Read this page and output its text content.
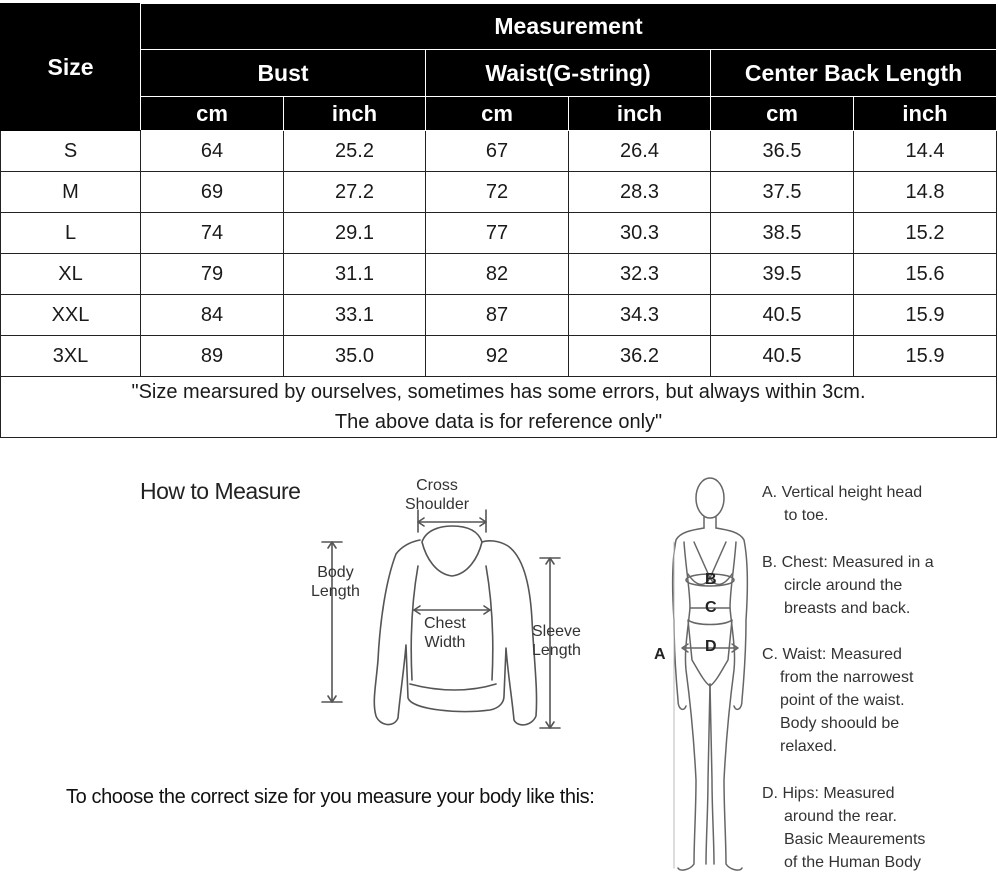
Size	Measurement					
	Bust		Waist(G-string)		Center Back Length	
	cm	inch	cm	inch	cm	inch
S	64	25.2	67	26.4	36.5	14.4
M	69	27.2	72	28.3	37.5	14.8
L	74	29.1	77	30.3	38.5	15.2
XL	79	31.1	82	32.3	39.5	15.6
XXL	84	33.1	87	34.3	40.5	15.9
3XL	89	35.0	92	36.2	40.5	15.9

"Size mearsured by ourselves, sometimes has some errors, but always within 3cm.
The above data is for reference only"						
How to Measure	Cross
Shoulder
Body
Length
Chest
Width
Sleeve
Length
To choose the correct size for you measure your body like this:
A
B
C
D
A. Vertical height head
to toe.
B. Chest: Measured in a
circle around the
breasts and back.
C. Waist: Measured
from the narrowest
point of the waist.
Body shoould be
relaxed.
D. Hips: Measured
around the rear.
Basic Meaurements
of the Human Body
